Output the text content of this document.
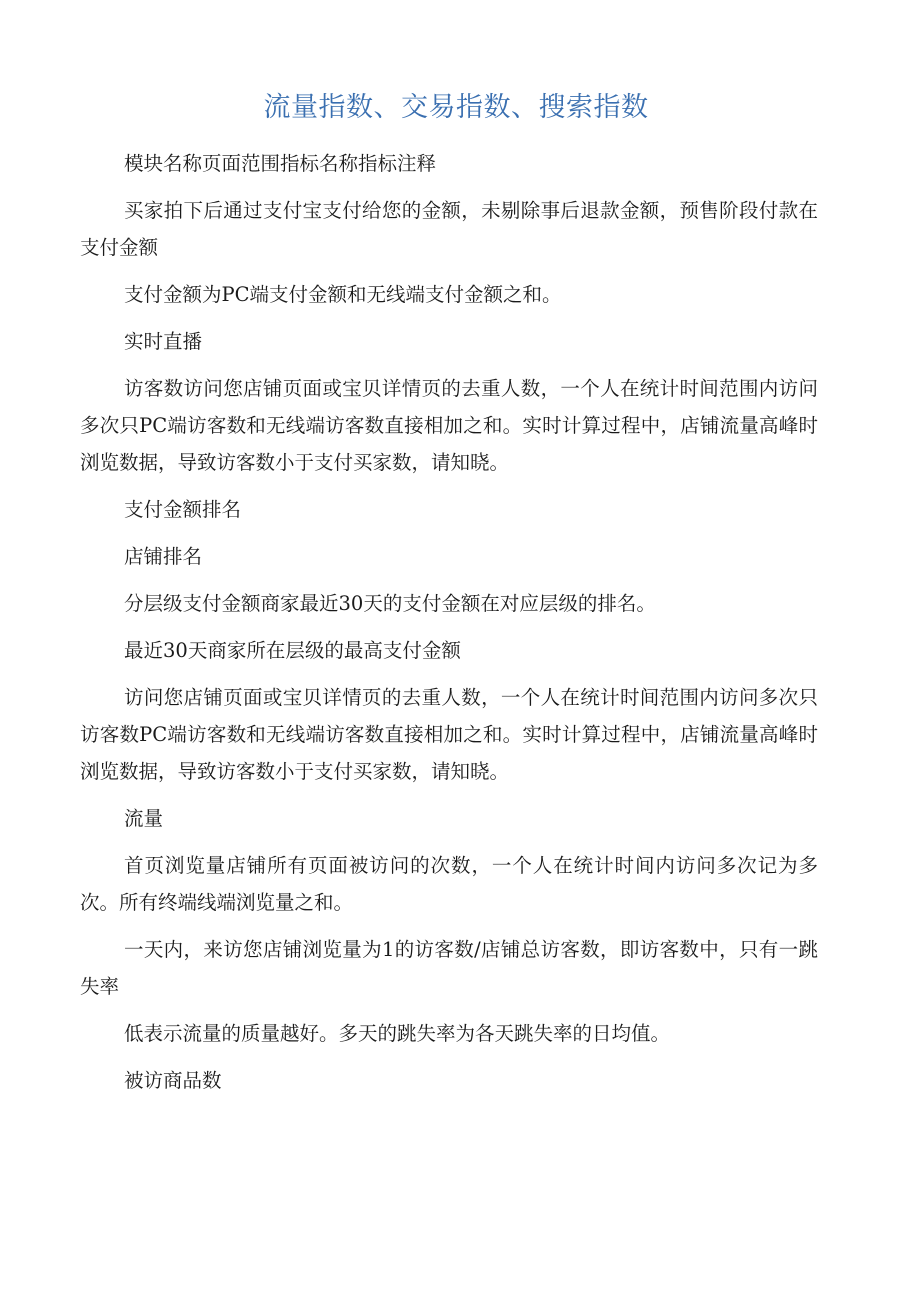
流量指数、交易指数、搜索指数

模块名称页面范围指标名称指标注释

买家拍下后通过支付宝支付给您的金额，未剔除事后退款金额，预售阶段付款在支付金额

支付金额为PC端支付金额和无线端支付金额之和。

实时直播

访客数访问您店铺页面或宝贝详情页的去重人数，一个人在统计时间范围内访问多次只PC端访客数和无线端访客数直接相加之和。实时计算过程中，店铺流量高峰时浏览数据，导致访客数小于支付买家数，请知晓。

支付金额排名

店铺排名

分层级支付金额商家最近30天的支付金额在对应层级的排名。

最近30天商家所在层级的最高支付金额

访问您店铺页面或宝贝详情页的去重人数，一个人在统计时间范围内访问多次只访客数PC端访客数和无线端访客数直接相加之和。实时计算过程中，店铺流量高峰时浏览数据，导致访客数小于支付买家数，请知晓。

流量

首页浏览量店铺所有页面被访问的次数，一个人在统计时间内访问多次记为多次。所有终端线端浏览量之和。

一天内，来访您店铺浏览量为1的访客数/店铺总访客数，即访客数中，只有一跳失率

低表示流量的质量越好。多天的跳失率为各天跳失率的日均值。

被访商品数
